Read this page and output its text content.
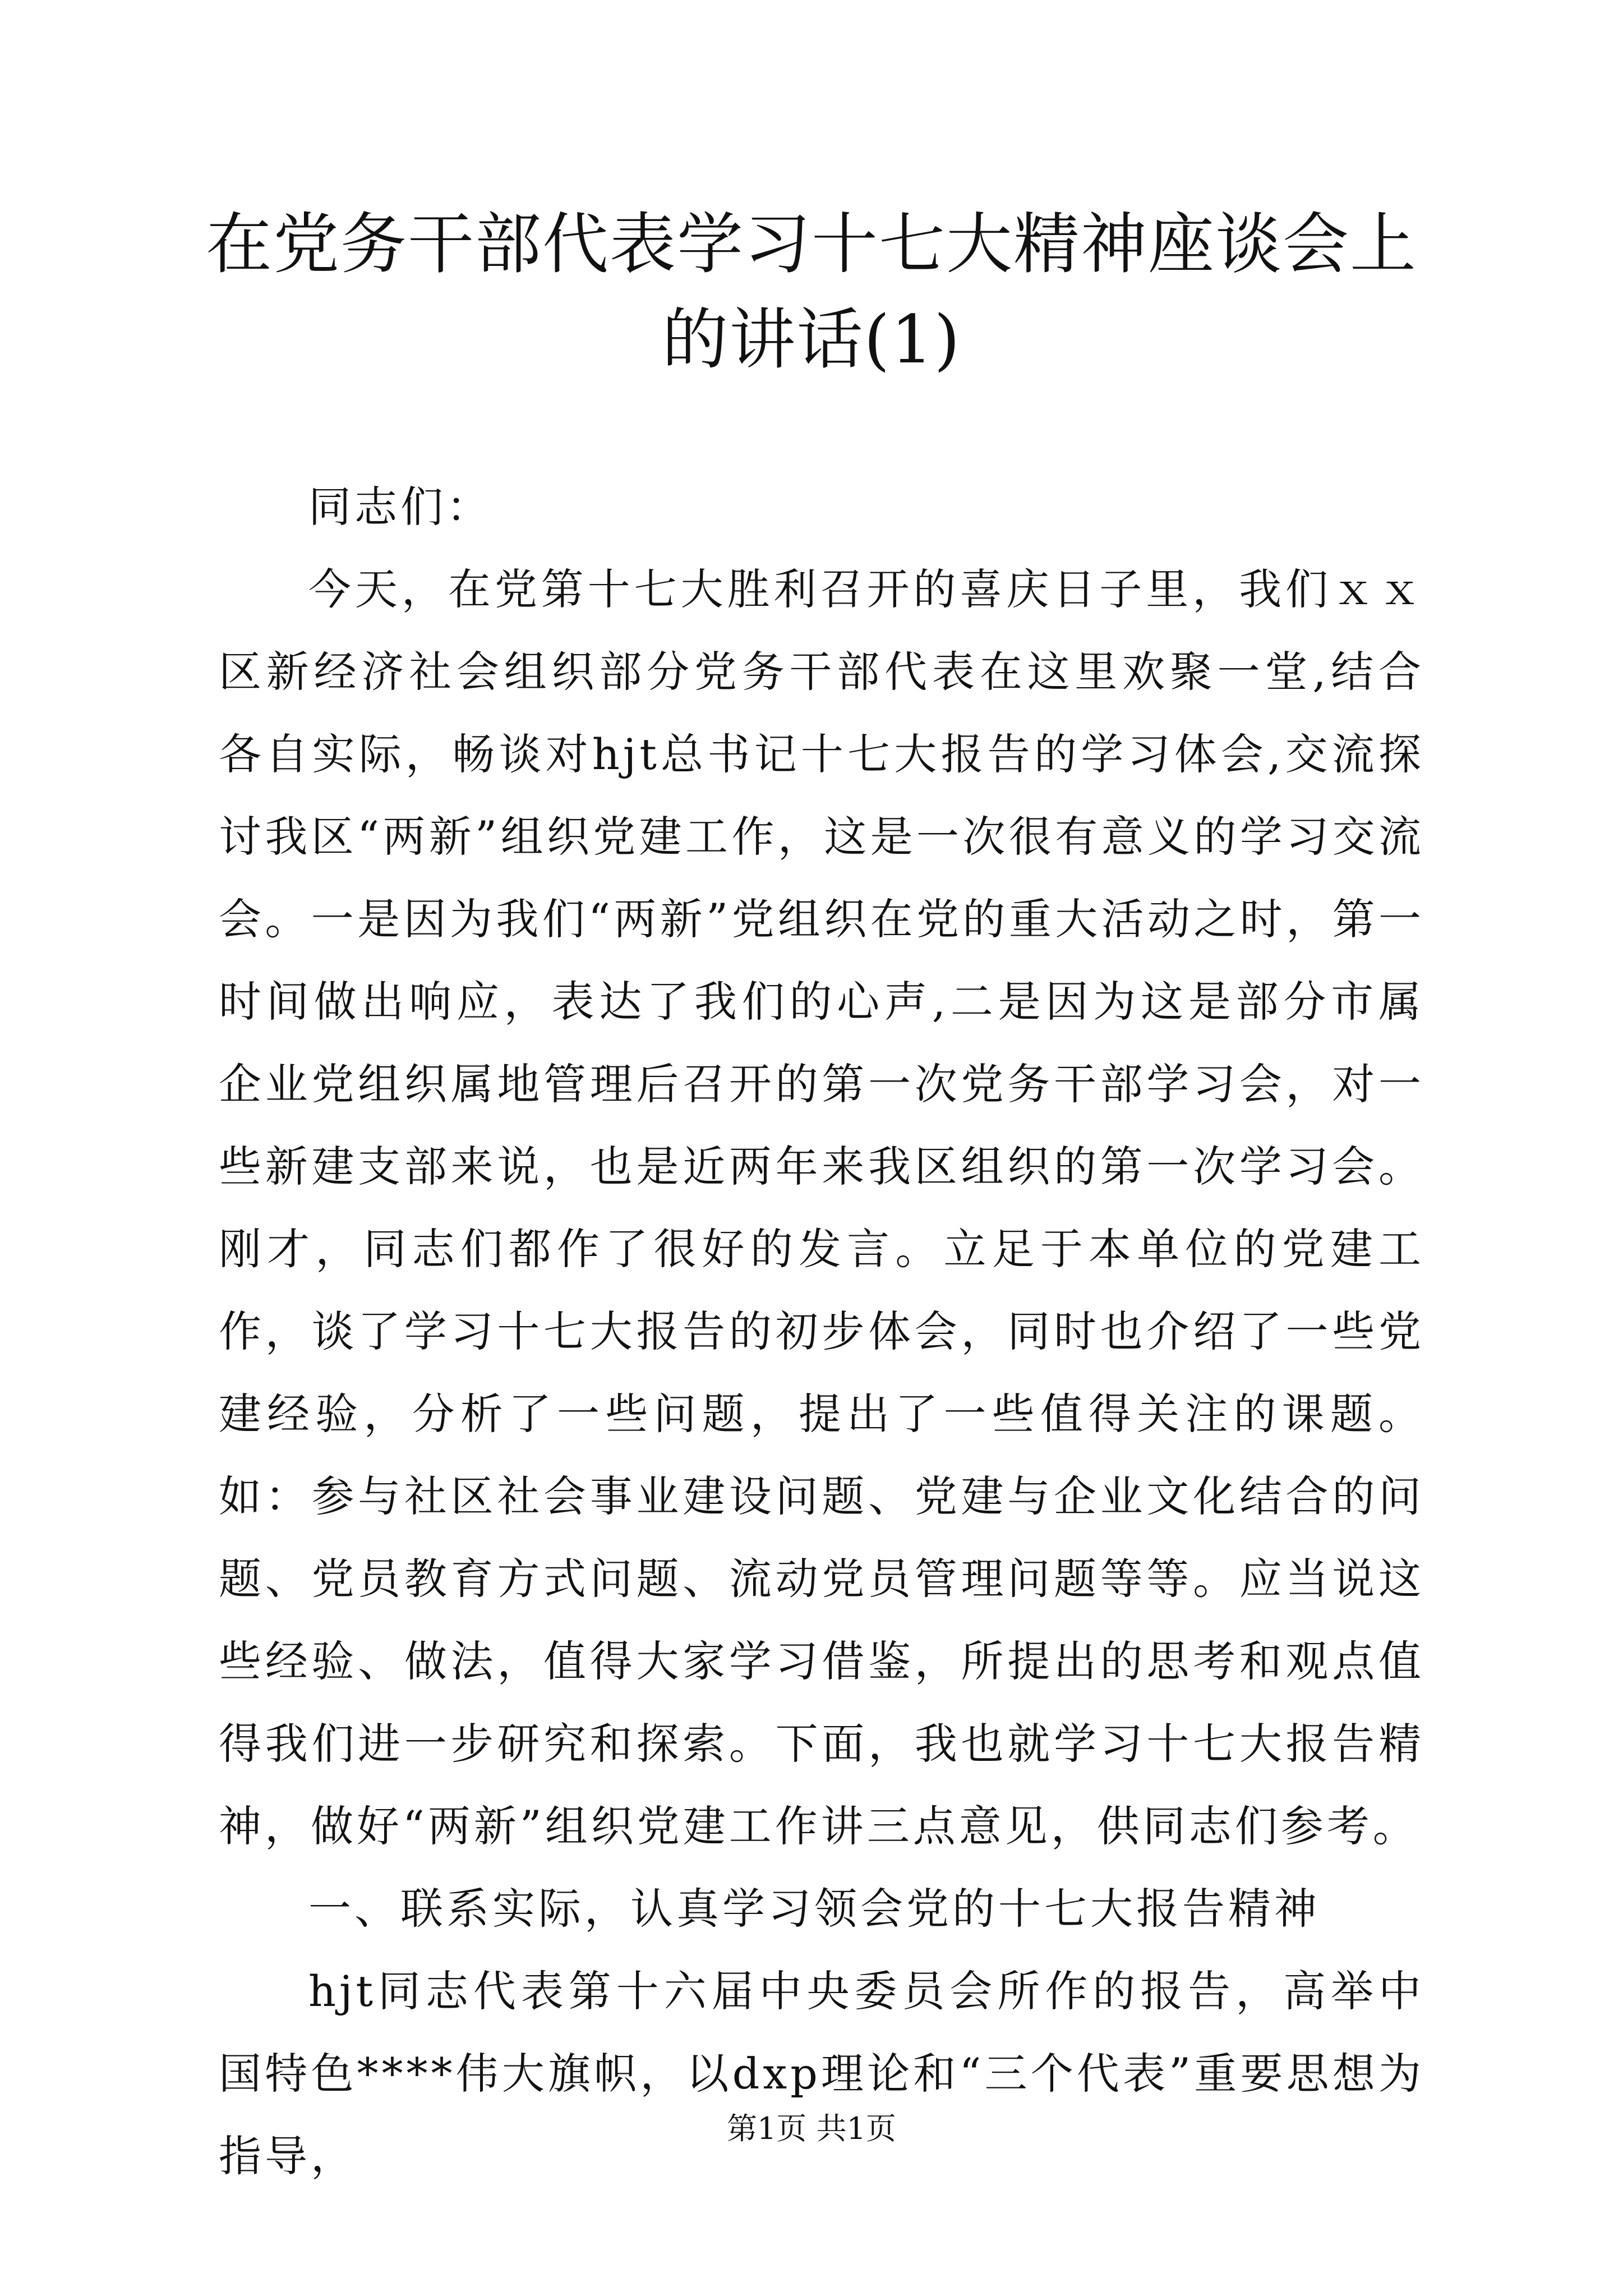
在党务干部代表学习十七大精神座谈会上的讲话(1)

同志们：

今天，在党第十七大胜利召开的喜庆日子里，我们ｘｘ区新经济社会组织部分党务干部代表在这里欢聚一堂,结合各自实际，畅谈对hjt总书记十七大报告的学习体会,交流探讨我区“两新”组织党建工作，这是一次很有意义的学习交流会。一是因为我们“两新”党组织在党的重大活动之时，第一时间做出响应，表达了我们的心声,二是因为这是部分市属企业党组织属地管理后召开的第一次党务干部学习会，对一些新建支部来说，也是近两年来我区组织的第一次学习会。刚才，同志们都作了很好的发言。立足于本单位的党建工作，谈了学习十七大报告的初步体会，同时也介绍了一些党建经验，分析了一些问题，提出了一些值得关注的课题。如：参与社区社会事业建设问题、党建与企业文化结合的问题、党员教育方式问题、流动党员管理问题等等。应当说这些经验、做法，值得大家学习借鉴，所提出的思考和观点值得我们进一步研究和探索。下面，我也就学习十七大报告精神，做好“两新”组织党建工作讲三点意见，供同志们参考。

一、联系实际，认真学习领会党的十七大报告精神

hjt同志代表第十六届中央委员会所作的报告，高举中国特色****伟大旗帜，以dxp理论和“三个代表”重要思想为指导，

第1页 共1页
